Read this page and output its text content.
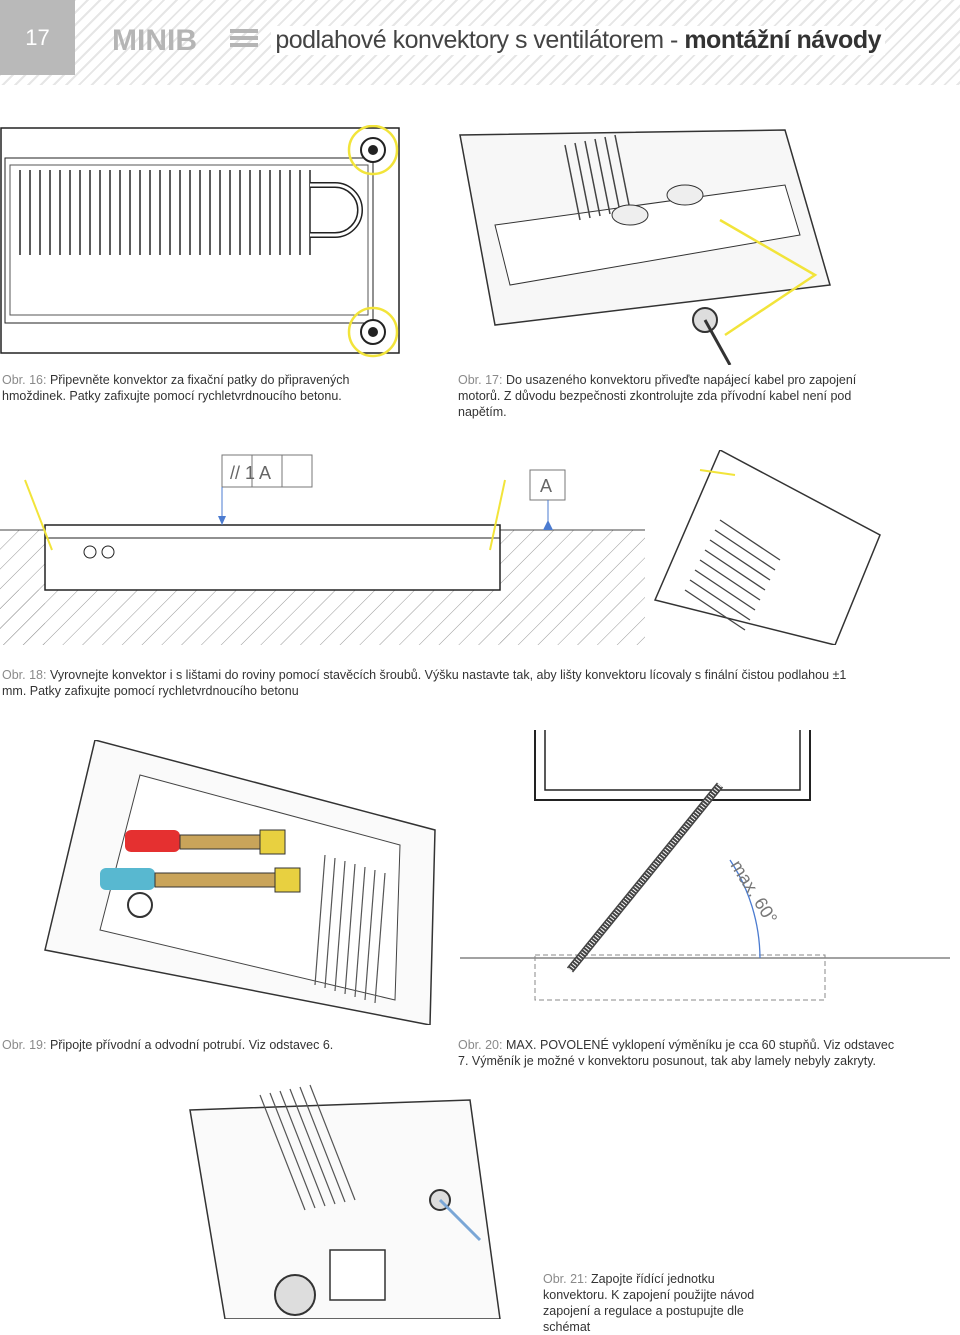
17	MINIB	podlahové konvektory s ventilátorem - montážní návody
Obr. 16: Připevněte konvektor za fixační patky do připravených hmoždinek. Patky zafixujte pomocí rychletvrdnoucího betonu.
Obr. 17: Do usazeného konvektoru přiveďte napájecí kabel pro zapojení motorů. Z důvodu bezpečnosti zkontrolujte zda přívodní kabel není pod napětím.
// 1 A
A
Obr. 18: Vyrovnejte konvektor i s lištami do roviny pomocí stavěcích šroubů. Výšku nastavte tak, aby lišty konvektoru lícovaly s finální čistou podlahou ±1 mm. Patky zafixujte pomocí rychletvrdnoucího betonu
Obr. 19: Připojte přívodní a odvodní potrubí. Viz odstavec 6.
max. 60°
Obr. 20: MAX. POVOLENÉ vyklopení výměníku je cca 60 stupňů. Viz odstavec 7. Výměník je možné v konvektoru posunout, tak aby lamely nebyly zakryty.
Obr. 21: Zapojte řídící jednotku konvektoru. K zapojení použijte návod zapojení a regulace a postupujte dle schémat
